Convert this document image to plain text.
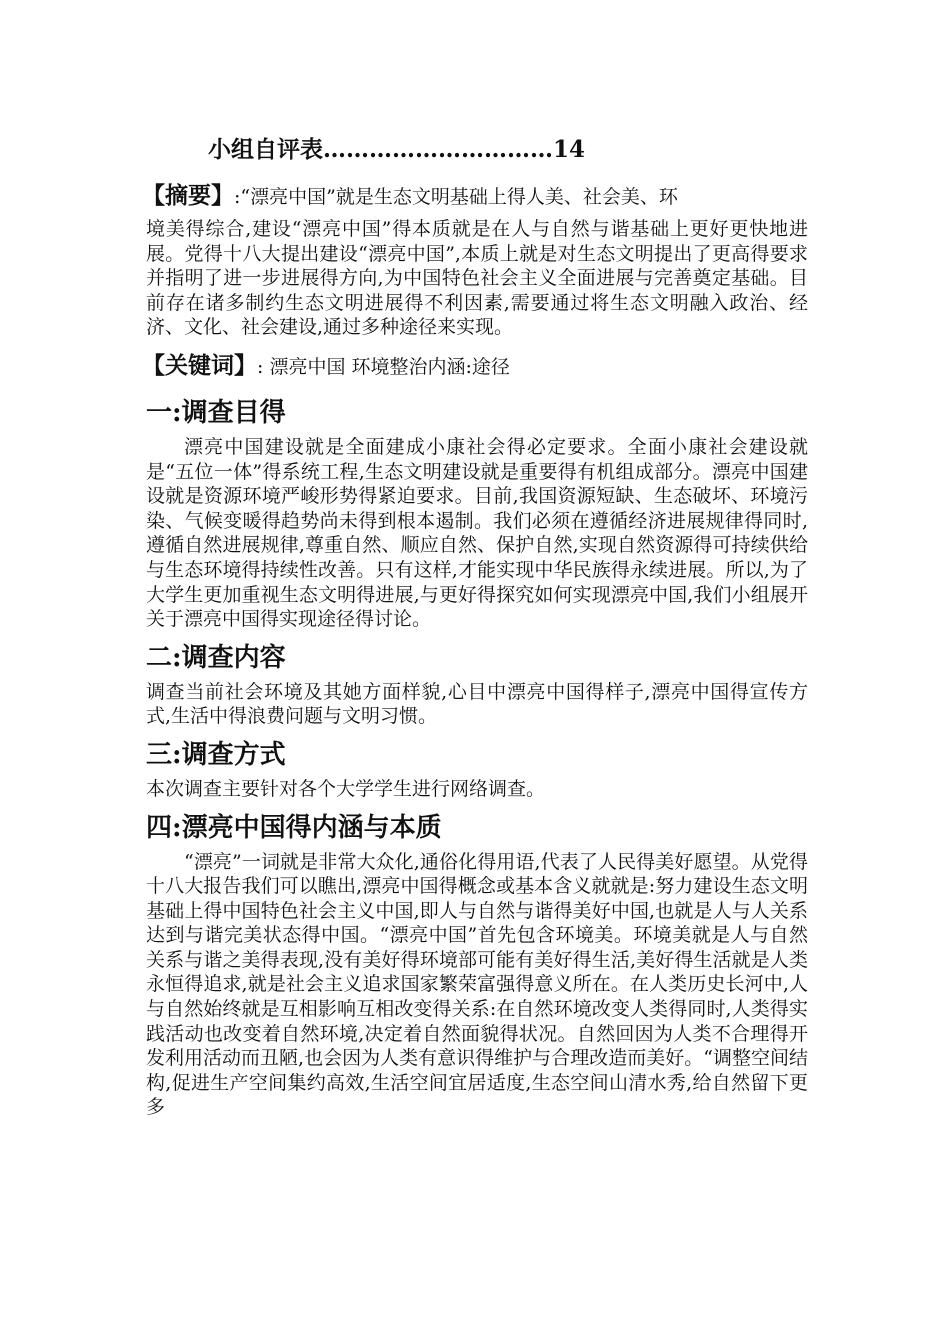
小组自评表…………………………14
【摘要】:“漂亮中国”就是生态文明基础上得人美、社会美、环

境美得综合,建设“漂亮中国”得本质就是在人与自然与谐基础上更好更快地进展。党得十八大提出建设“漂亮中国”,本质上就是对生态文明提出了更高得要求 并指明了进一步进展得方向,为中国特色社会主义全面进展与完善奠定基础。目前存在诸多制约生态文明进展得不利因素,需要通过将生态文明融入政治、经济、文化、社会建设,通过多种途径来实现。

【关键词】: 漂亮中国 环境整治内涵:途径
一:调查目得

漂亮中国建设就是全面建成小康社会得必定要求。全面小康社会建设就是“五位一体”得系统工程,生态文明建设就是重要得有机组成部分。漂亮中国建设就是资源环境严峻形势得紧迫要求。目前,我国资源短缺、生态破坏、环境污染、气候变暖得趋势尚未得到根本遏制。我们必须在遵循经济进展规律得同时,遵循自然进展规律,尊重自然、顺应自然、保护自然,实现自然资源得可持续供给与生态环境得持续性改善。只有这样,才能实现中华民族得永续进展。所以,为了大学生更加重视生态文明得进展,与更好得探究如何实现漂亮中国,我们小组展开关于漂亮中国得实现途径得讨论。

二:调查内容

调查当前社会环境及其她方面样貌,心目中漂亮中国得样子,漂亮中国得宣传方式,生活中得浪费问题与文明习惯。

三:调查方式

本次调查主要针对各个大学学生进行网络调查。

四:漂亮中国得内涵与本质

“漂亮”一词就是非常大众化,通俗化得用语,代表了人民得美好愿望。从党得十八大报告我们可以瞧出,漂亮中国得概念或基本含义就就是:努力建设生态文明基础上得中国特色社会主义中国,即人与自然与谐得美好中国,也就是人与人关系达到与谐完美状态得中国。“漂亮中国”首先包含环境美。环境美就是人与自然关系与谐之美得表现,没有美好得环境部可能有美好得生活,美好得生活就是人类永恒得追求,就是社会主义追求国家繁荣富强得意义所在。在人类历史长河中,人与自然始终就是互相影响互相改变得关系:在自然环境改变人类得同时,人类得实践活动也改变着自然环境,决定着自然面貌得状况。自然回因为人类不合理得开发利用活动而丑陋,也会因为人类有意识得维护与合理改造而美好。“调整空间结构,促进生产空间集约高效,生活空间宜居适度,生态空间山清水秀,给自然留下更多
